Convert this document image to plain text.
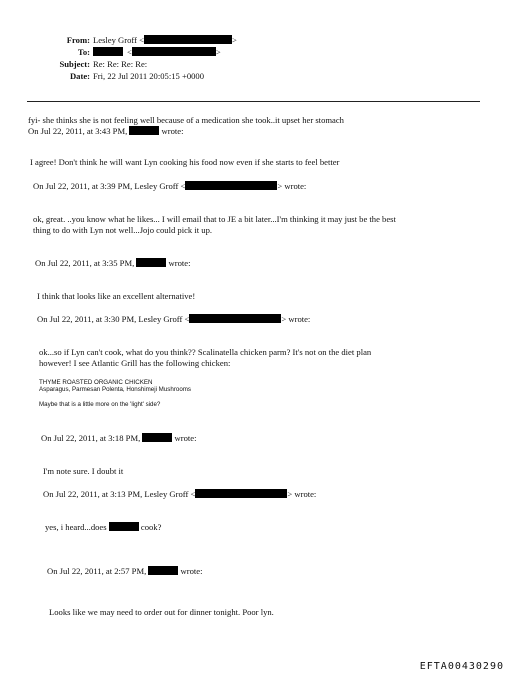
From: Lesley Groff <	>
To:	<	>
Subject: Re: Re: Re: Re:
Date: Fri, 22 Jul 2011 20:05:15 +0000
fyi- she thinks she is not feeling well because of a medication she took..it upset her stomach
On Jul 22, 2011, at 3:43 PM,	wrote:
I agree! Don't think he will want Lyn cooking his food now even if she starts to feel better
On Jul 22, 2011, at 3:39 PM, Lesley Groff <	> wrote:
ok, great. ..you know what he likes... I will email that to JE a bit later...I'm thinking it may just be the best
thing to do with Lyn not well...Jojo could pick it up.
On Jul 22, 2011, at 3:35 PM,	wrote:
I think that looks like an excellent alternative!
On Jul 22, 2011, at 3:30 PM, Lesley Groff <	> wrote:
ok...so if Lyn can't cook, what do you think?? Scalinatella chicken parm? It's not on the diet plan
however! I see Atlantic Grill has the following chicken:
THYME ROASTED ORGANIC CHICKEN
Asparagus, Parmesan Polenta, Honshimeji Mushrooms
Maybe that is a little more on the 'light' side?
On Jul 22, 2011, at 3:18 PM,	wrote:
I'm note sure. I doubt it
On Jul 22, 2011, at 3:13 PM, Lesley Groff <	> wrote:
yes, i heard...does	cook?
On Jul 22, 2011, at 2:57 PM,	wrote:
Looks like we may need to order out for dinner tonight. Poor lyn.
EFTA00430290
